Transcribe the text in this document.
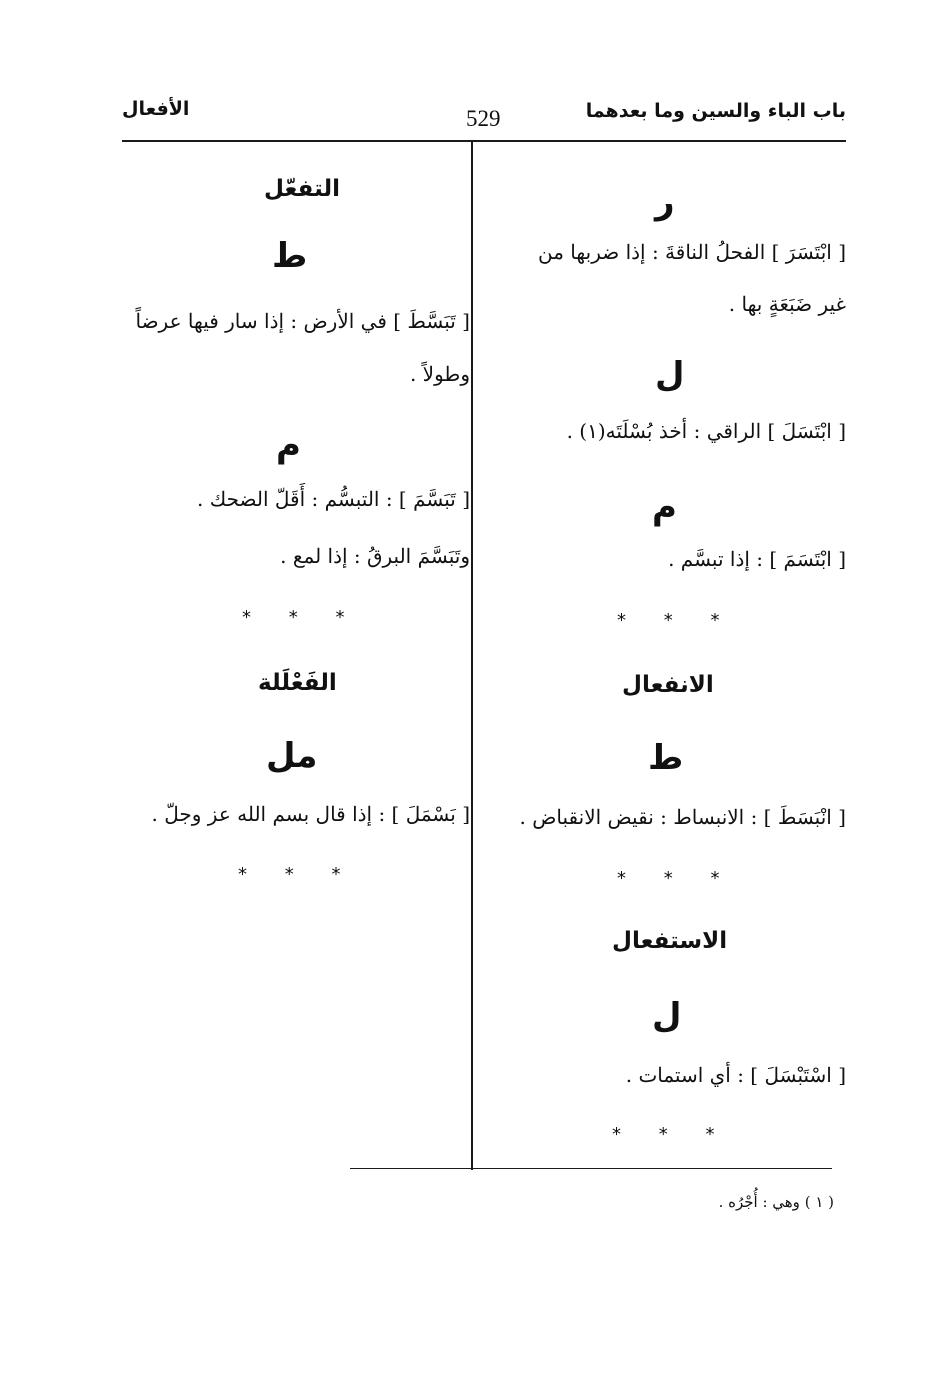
باب الباء والسين وما بعدهما
529
الأفعال
ر
[ ابْتَسَرَ ] الفحلُ الناقةَ : إذا ضربها من
غير ضَبَعَةٍ بها .
ل
[ ابْتَسَلَ ] الراقي : أخذ بُسْلَتَه(١) .
م
[ ابْتَسَمَ ] : إذا تبسَّم .
* * *
الانفعال
ط
[ انْبَسَطَ ] : الانبساط : نقيض الانقباض .
* * *
الاستفعال
ل
[ اسْتَبْسَلَ ] : أي استمات .
* * *
التفعّل
ط
[ تَبَسَّطَ ] في الأرض : إذا سار فيها عرضاً
وطولاً .
م
[ تَبَسَّمَ ] : التبسُّم : أَقَلّ الضحك .
وتَبَسَّمَ البرقُ : إذا لمع .
* * *
الفَعْلَلة
مل
[ بَسْمَلَ ] : إذا قال بسم الله عز وجلّ .
* * *
( ١ ) وهي : أُجْرُه .
